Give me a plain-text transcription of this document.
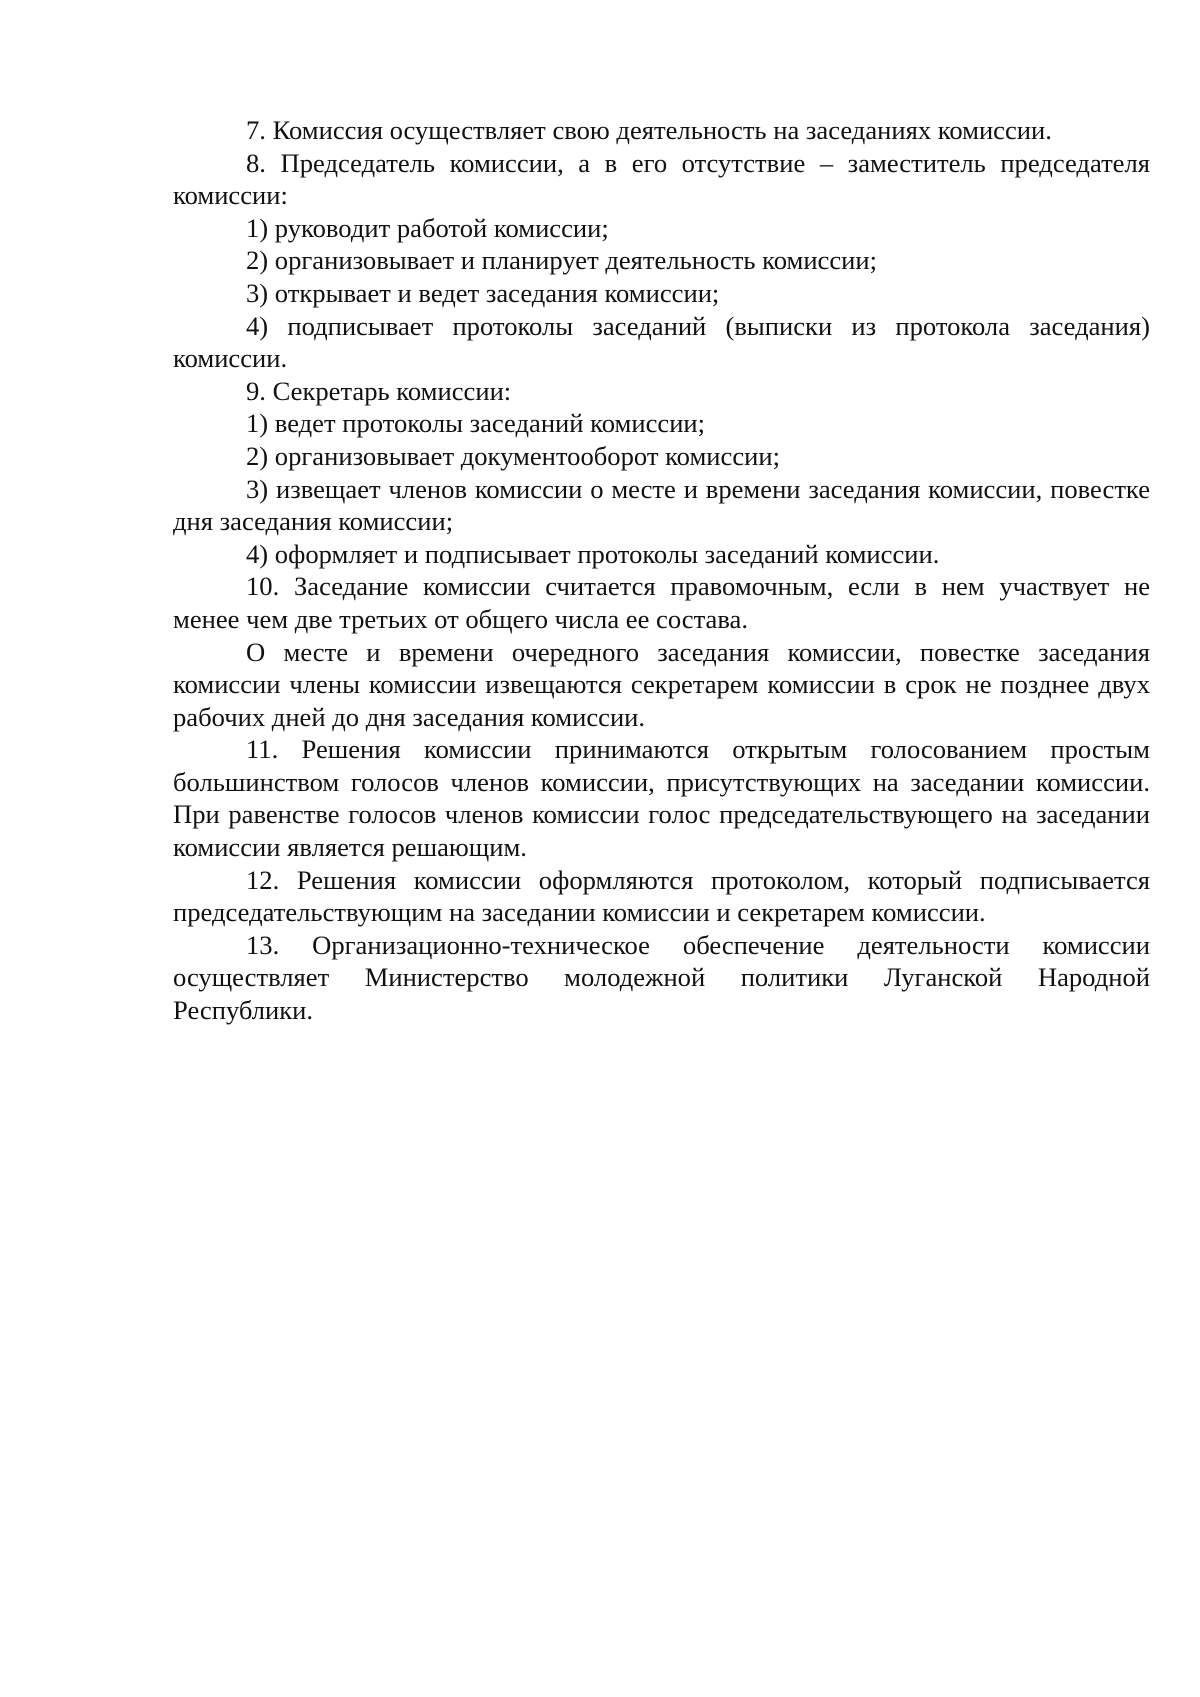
7. Комиссия осуществляет свою деятельность на заседаниях комиссии.

8. Председатель комиссии, а в его отсутствие – заместитель председателя комиссии:

1) руководит работой комиссии;

2) организовывает и планирует деятельность комиссии;

3) открывает и ведет заседания комиссии;

4) подписывает протоколы заседаний (выписки из протокола заседания) комиссии.

9. Секретарь комиссии:

1) ведет протоколы заседаний комиссии;

2) организовывает документооборот комиссии;

3) извещает членов комиссии о месте и времени заседания комиссии, повестке дня заседания комиссии;

4) оформляет и подписывает протоколы заседаний комиссии.

10. Заседание комиссии считается правомочным, если в нем участвует не менее чем две третьих от общего числа ее состава.

О месте и времени очередного заседания комиссии, повестке заседания комиссии члены комиссии извещаются секретарем комиссии в срок не позднее двух рабочих дней до дня заседания комиссии.

11. Решения комиссии принимаются открытым голосованием простым большинством голосов членов комиссии, присутствующих на заседании комиссии. При равенстве голосов членов комиссии голос председательствующего на заседании комиссии является решающим.

12. Решения комиссии оформляются протоколом, который подписывается председательствующим на заседании комиссии и секретарем комиссии.

13. Организационно-техническое обеспечение деятельности комиссии осуществляет Министерство молодежной политики Луганской Народной Республики.
